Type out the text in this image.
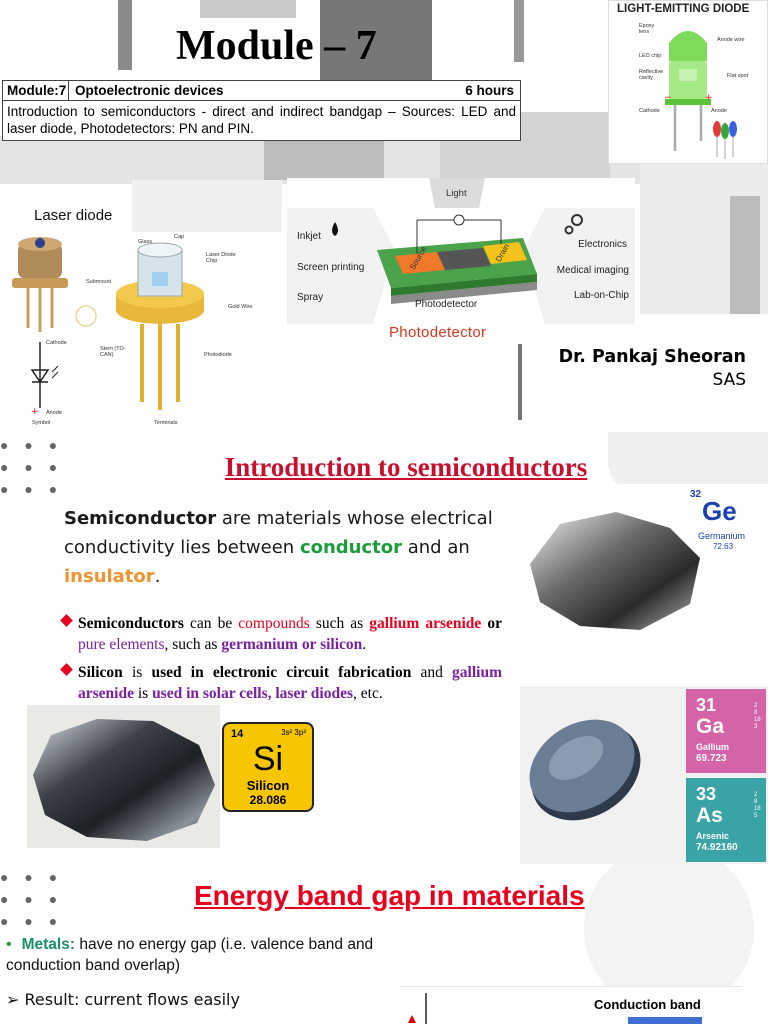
Module – 7
Module:7 Optoelectronic devices	6 hours
Introduction to semiconductors - direct and indirect bandgap – Sources: LED and laser diode, Photodetectors: PN and PIN.
LIGHT-EMITTING DIODE
−	+
Epoxy lens
Anode wire
LED chip
Reflective cavity	Flat spot
Cathode	Anode
Laser diode
+
Glass
Cap
Laser Diode Chip
Submount
Gold Wire
Stem (TO-CAN)	Photodiode
Terminals
Cathode
Anode
Symbol
Source	Drain
Light
Inkjet
Screen printing
Spray
Electronics
Medical imaging
Lab-on-Chip
Photodetector
Photodetector
Dr. Pankaj Sheoran
SAS
● ● ●
● ● ●
● ● ●
Introduction to semiconductors
Semiconductor are materials whose electrical conductivity lies between conductor and an insulator.
Semiconductors can be compounds such as gallium arsenide or pure elements, such as germanium or silicon.
Silicon is used in electronic circuit fabrication and gallium arsenide is used in solar cells, laser diodes, etc.
32
Ge
Germanium
72.63
14	3s² 3p²
Si
Silicon
28.086
31
Ga
Gallium
69.723
2 8 18 3
33
As
Arsenic
74.92160
2 8 18 5
● ● ●
● ● ●
● ● ●
Energy band gap in materials
• Metals: have no energy gap (i.e. valence band and conduction band overlap)
➢ Result: current flows easily	Conduction band
